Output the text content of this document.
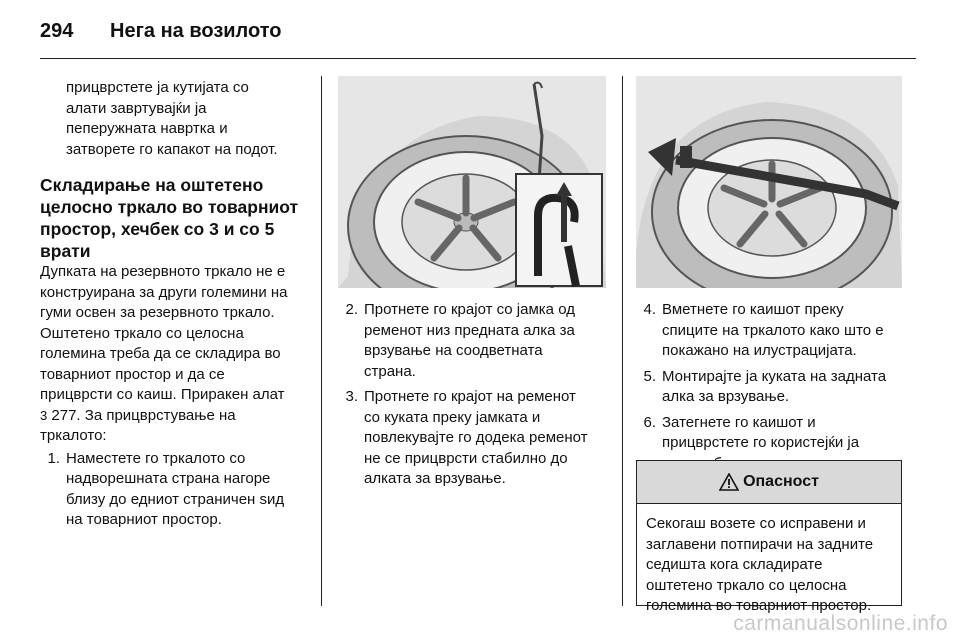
294 Нега на возилото

прицврстете ја кутијата со

алати завртувајќи ја

пеперужната навртка и

затворете го капакот на подот.

Складирање на оштетено

целосно тркало во товарниот

простор, хечбек со 3 и со 5

врати

Дупката на резервното тркало не е

конструирана за други големини на

гуми освен за резервното тркало.

Оштетено тркало со целосна

големина треба да се складира во

товарниот простор и да се

прицврсти со каиш. Приракен алат

3 277. За прицврстување на

тркалото:

1. Наместете го тркалото со

надворешната страна нагоре

близу до едниот страничен ѕид

на товарниот простор.

2. Протнете го крајот со јамка од

ременот низ предната алка за

врзување на соодветната

страна.

3. Протнете го крајот на ременот

со куката преку јамката и

повлекувајте го додека ременот

не се прицврсти стабилно до

алката за врзување.

4. Вметнете го каишот преку

спиците на тркалото како што е

покажано на илустрацијата.

5. Монтирајте ја куката на задната

алка за врзување.

6. Затегнете го каишот и

прицврстете го користејќи ја

Опасност

Секогаш возете со исправени и

заглавени потпирачи на задните

седишта кога складирате

оштетено тркало со целосна

големина во товарниот простор.

carmanualsonline.info
